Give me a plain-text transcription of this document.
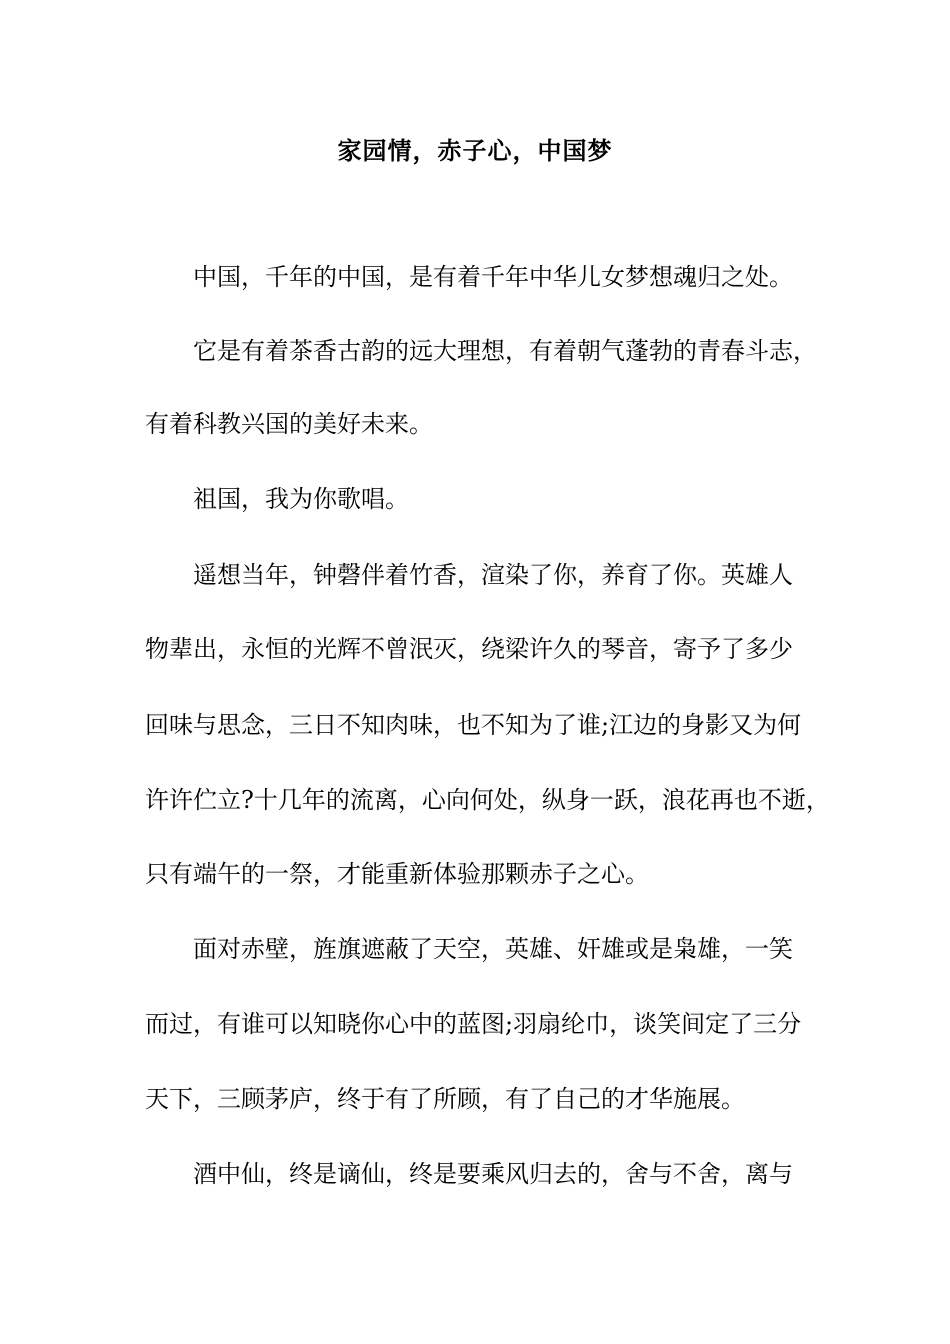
家园情，赤子心，中国梦
中国，千年的中国，是有着千年中华儿女梦想魂归之处。
它是有着茶香古韵的远大理想，有着朝气蓬勃的青春斗志，
有着科教兴国的美好未来。
祖国，我为你歌唱。
遥想当年，钟磬伴着竹香，渲染了你，养育了你。英雄人
物辈出，永恒的光辉不曾泯灭，绕梁许久的琴音，寄予了多少
回味与思念，三日不知肉味，也不知为了谁;江边的身影又为何
许许伫立?十几年的流离，心向何处，纵身一跃，浪花再也不逝，
只有端午的一祭，才能重新体验那颗赤子之心。
面对赤壁，旌旗遮蔽了天空，英雄、奸雄或是枭雄，一笑
而过，有谁可以知晓你心中的蓝图;羽扇纶巾，谈笑间定了三分
天下，三顾茅庐，终于有了所顾，有了自己的才华施展。
酒中仙，终是谪仙，终是要乘风归去的，舍与不舍，离与
